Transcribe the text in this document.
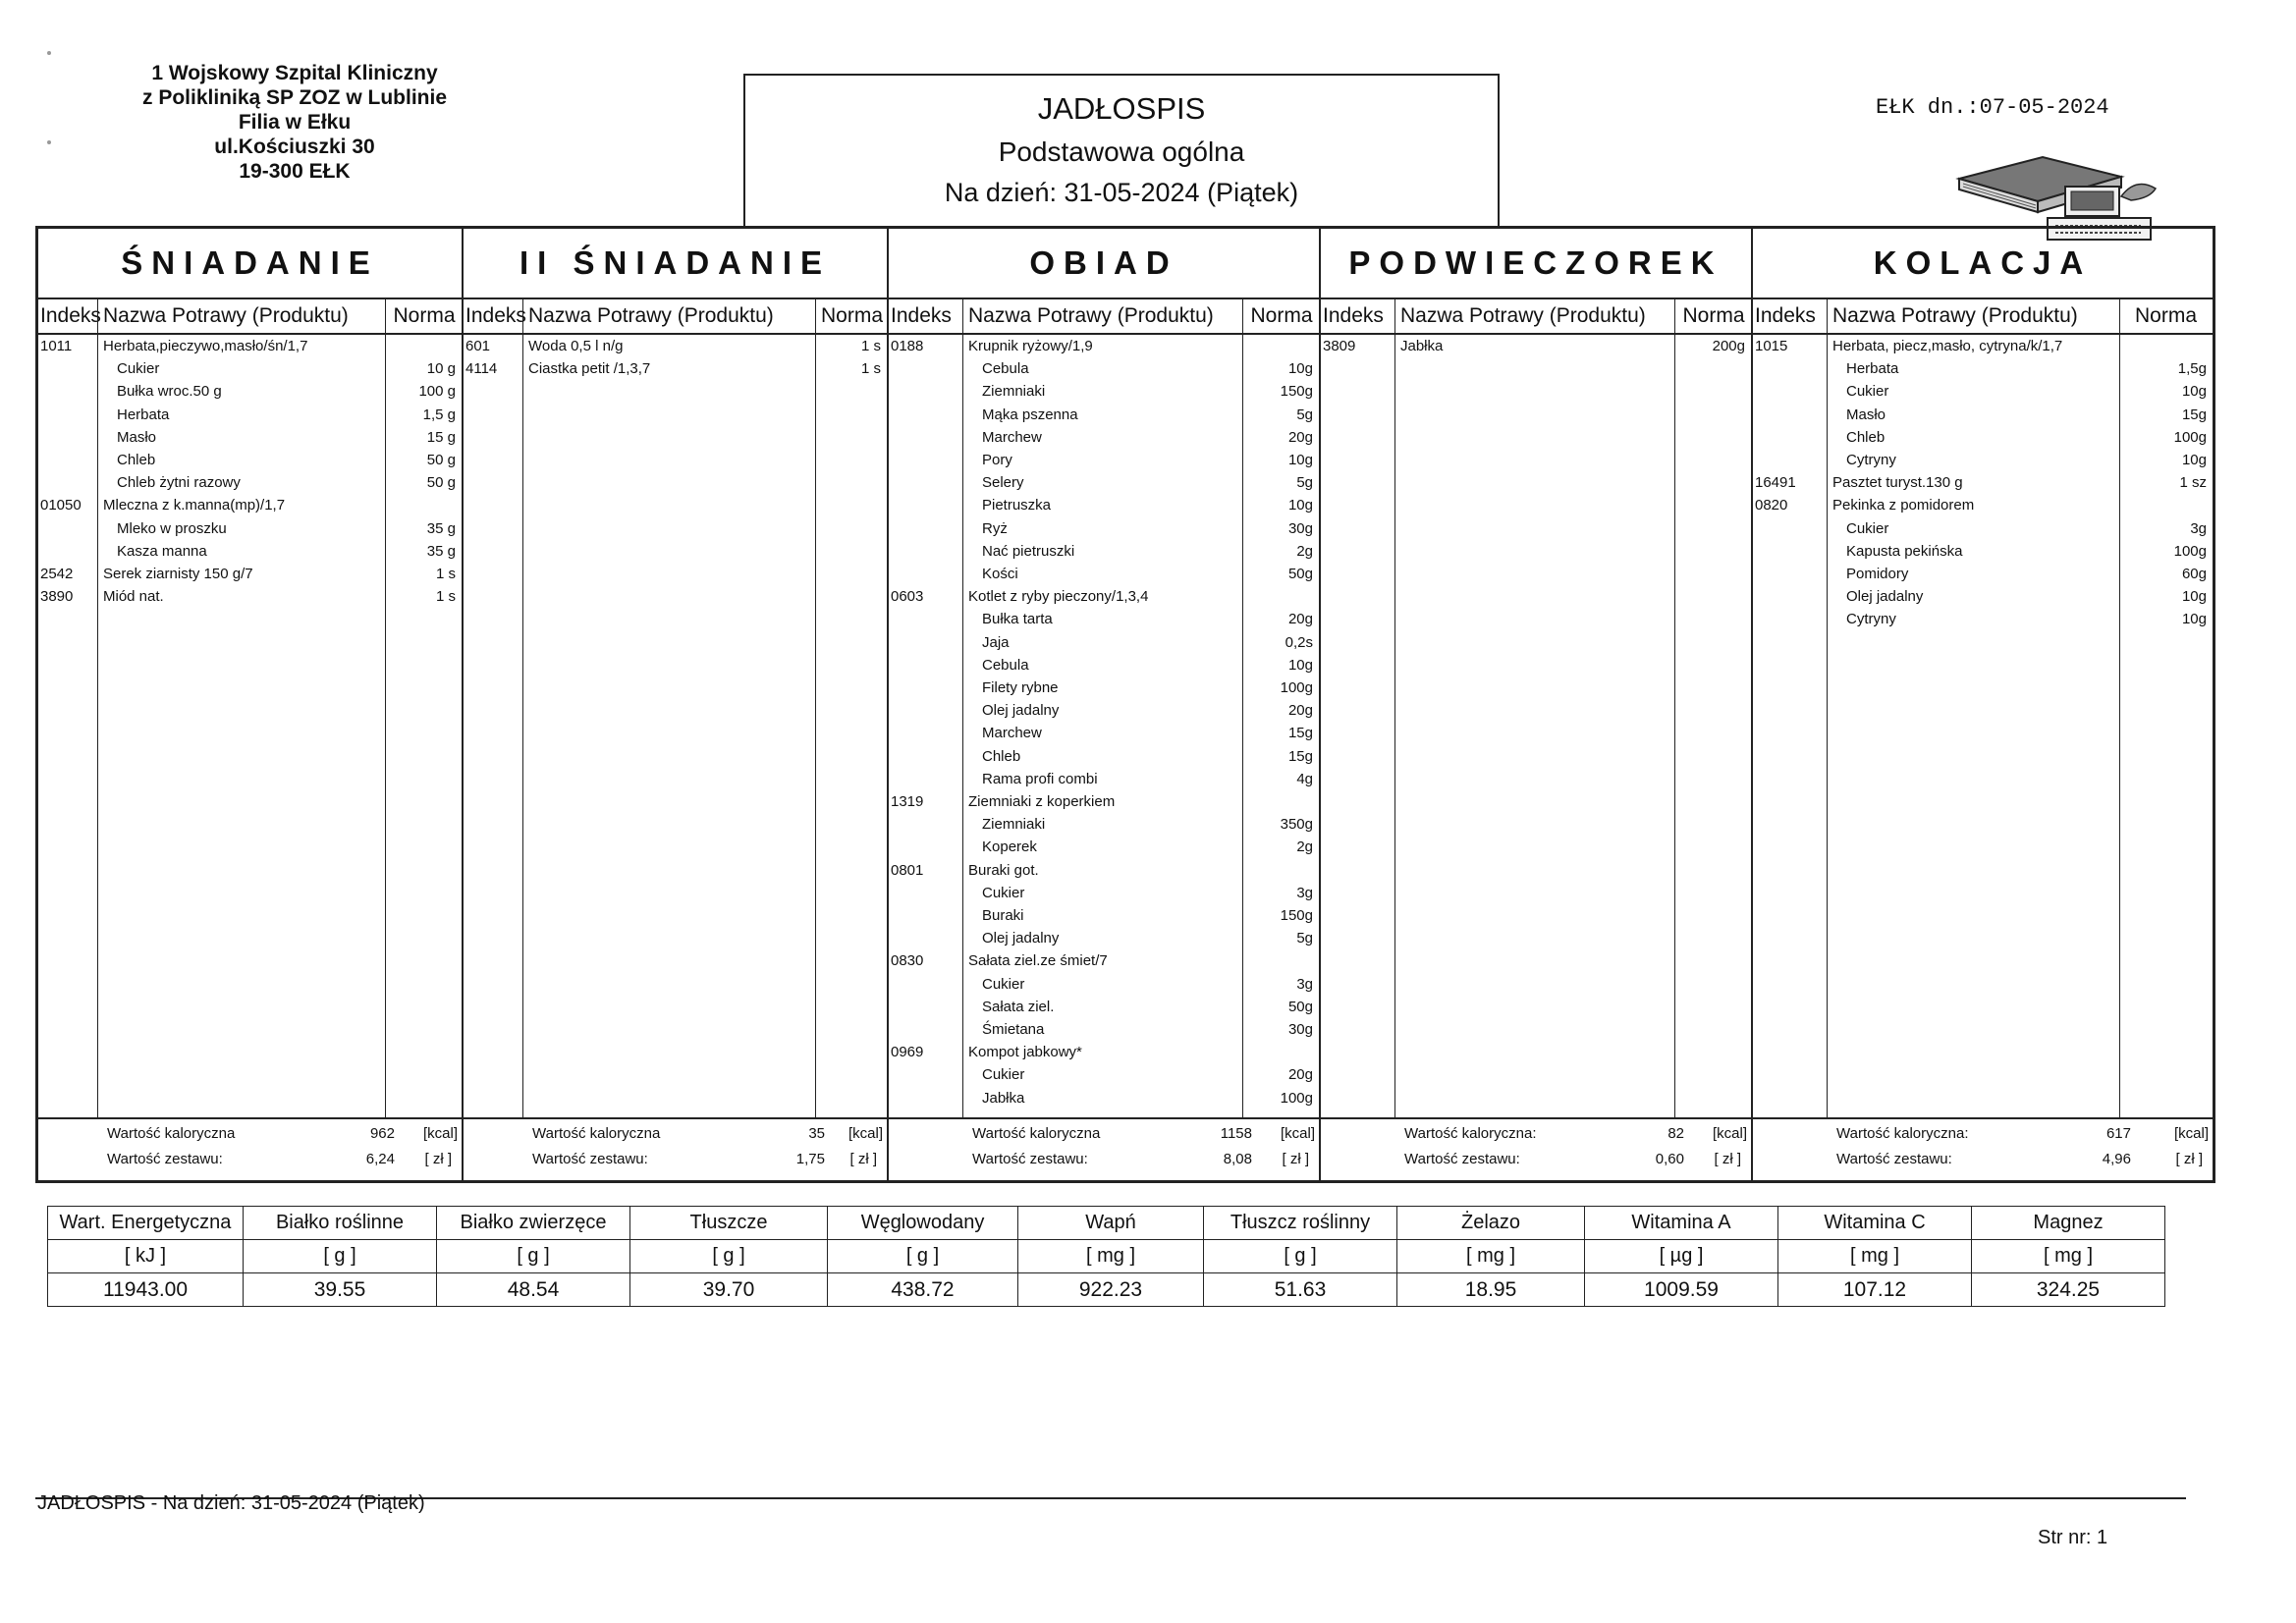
1 Wojskowy Szpital Kliniczny
z Polikliniką SP ZOZ w Lublinie
Filia w Ełku
ul.Kościuszki 30
19-300 EŁK
JADŁOSPIS
Podstawowa ogólna
Na dzień: 31-05-2024 (Piątek)
EŁK dn.:07-05-2024
ŚNIADANIE
Indeks Nazwa Potrawy (Produktu)	Norma
1011 Herbata,pieczywo,masło/śn/1,7
Cukier	10 g
Bułka wroc.50 g	100 g
Herbata	1,5 g
Masło	15 g
Chleb	50 g
Chleb żytni razowy	50 g
01050 Mleczna z k.manna(mp)/1,7
Mleko w proszku	35 g
Kasza manna	35 g
2542 Serek ziarnisty 150 g/7	1 s
3890 Miód nat.	1 s
Wartość kaloryczna	962 [kcal]
Wartość zestawu:	6,24 [ zł ]
II ŚNIADANIE
Indeks Nazwa Potrawy (Produktu)	Norma
601	Woda 0,5 l n/g	1 s
4114 Ciastka petit /1,3,7	1 s
Wartość kaloryczna	35 [kcal]
Wartość zestawu:	1,75 [ zł ]
OBIAD
Indeks Nazwa Potrawy (Produktu)	Norma
0188	Krupnik ryżowy/1,9
Cebula	10g
Ziemniaki	150g
Mąka pszenna	5g
Marchew	20g
Pory	10g
Selery	5g
Pietruszka	10g
Ryż	30g
Nać pietruszki	2g
Kości	50g
0603	Kotlet z ryby pieczony/1,3,4
Bułka tarta	20g
Jaja	0,2s
Cebula	10g
Filety rybne	100g
Olej jadalny	20g
Marchew	15g
Chleb	15g
Rama profi combi	4g
1319	Ziemniaki z koperkiem
Ziemniaki	350g
Koperek	2g
0801	Buraki got.
Cukier	3g
Buraki	150g
Olej jadalny	5g
0830	Sałata ziel.ze śmiet/7
Cukier	3g
Sałata ziel.	50g
Śmietana	30g
0969	Kompot jabkowy*
Cukier	20g
Jabłka	100g
Wartość kaloryczna	1158 [kcal]
Wartość zestawu:	8,08 [ zł ]
PODWIECZOREK
Indeks Nazwa Potrawy (Produktu)	Norma
3809	Jabłka	200g
Wartość kaloryczna:	82 [kcal]
Wartość zestawu:	0,60 [ zł ]
KOLACJA
Indeks Nazwa Potrawy (Produktu)	Norma
1015	Herbata, piecz,masło, cytryna/k/1,7
Herbata	1,5g
Cukier	10g
Masło	15g
Chleb	100g
Cytryny	10g
16491 Pasztet turyst.130 g	1 sz
0820	Pekinka z pomidorem
Cukier	3g
Kapusta pekińska	100g
Pomidory	60g
Olej jadalny	10g
Cytryny	10g
Wartość kaloryczna:	617	[kcal]
Wartość zestawu:	4,96	[ zł ]
Wart. Energetyczna	Białko roślinne	Białko zwierzęce	Tłuszcze	Węglowodany	Wapń	Tłuszcz roślinny	Żelazo	Witamina A	Witamina C	Magnez
[ kJ ]	[ g ]	[ g ]	[ g ]	[ g ]	[ mg ]	[ g ]	[ mg ]	[ µg ]	[ mg ]	[ mg ]
11943.00	39.55	48.54	39.70	438.72	922.23	51.63	18.95	1009.59	107.12	324.25
JADŁOSPIS - Na dzień: 31-05-2024 (Piątek)
Str nr: 1
